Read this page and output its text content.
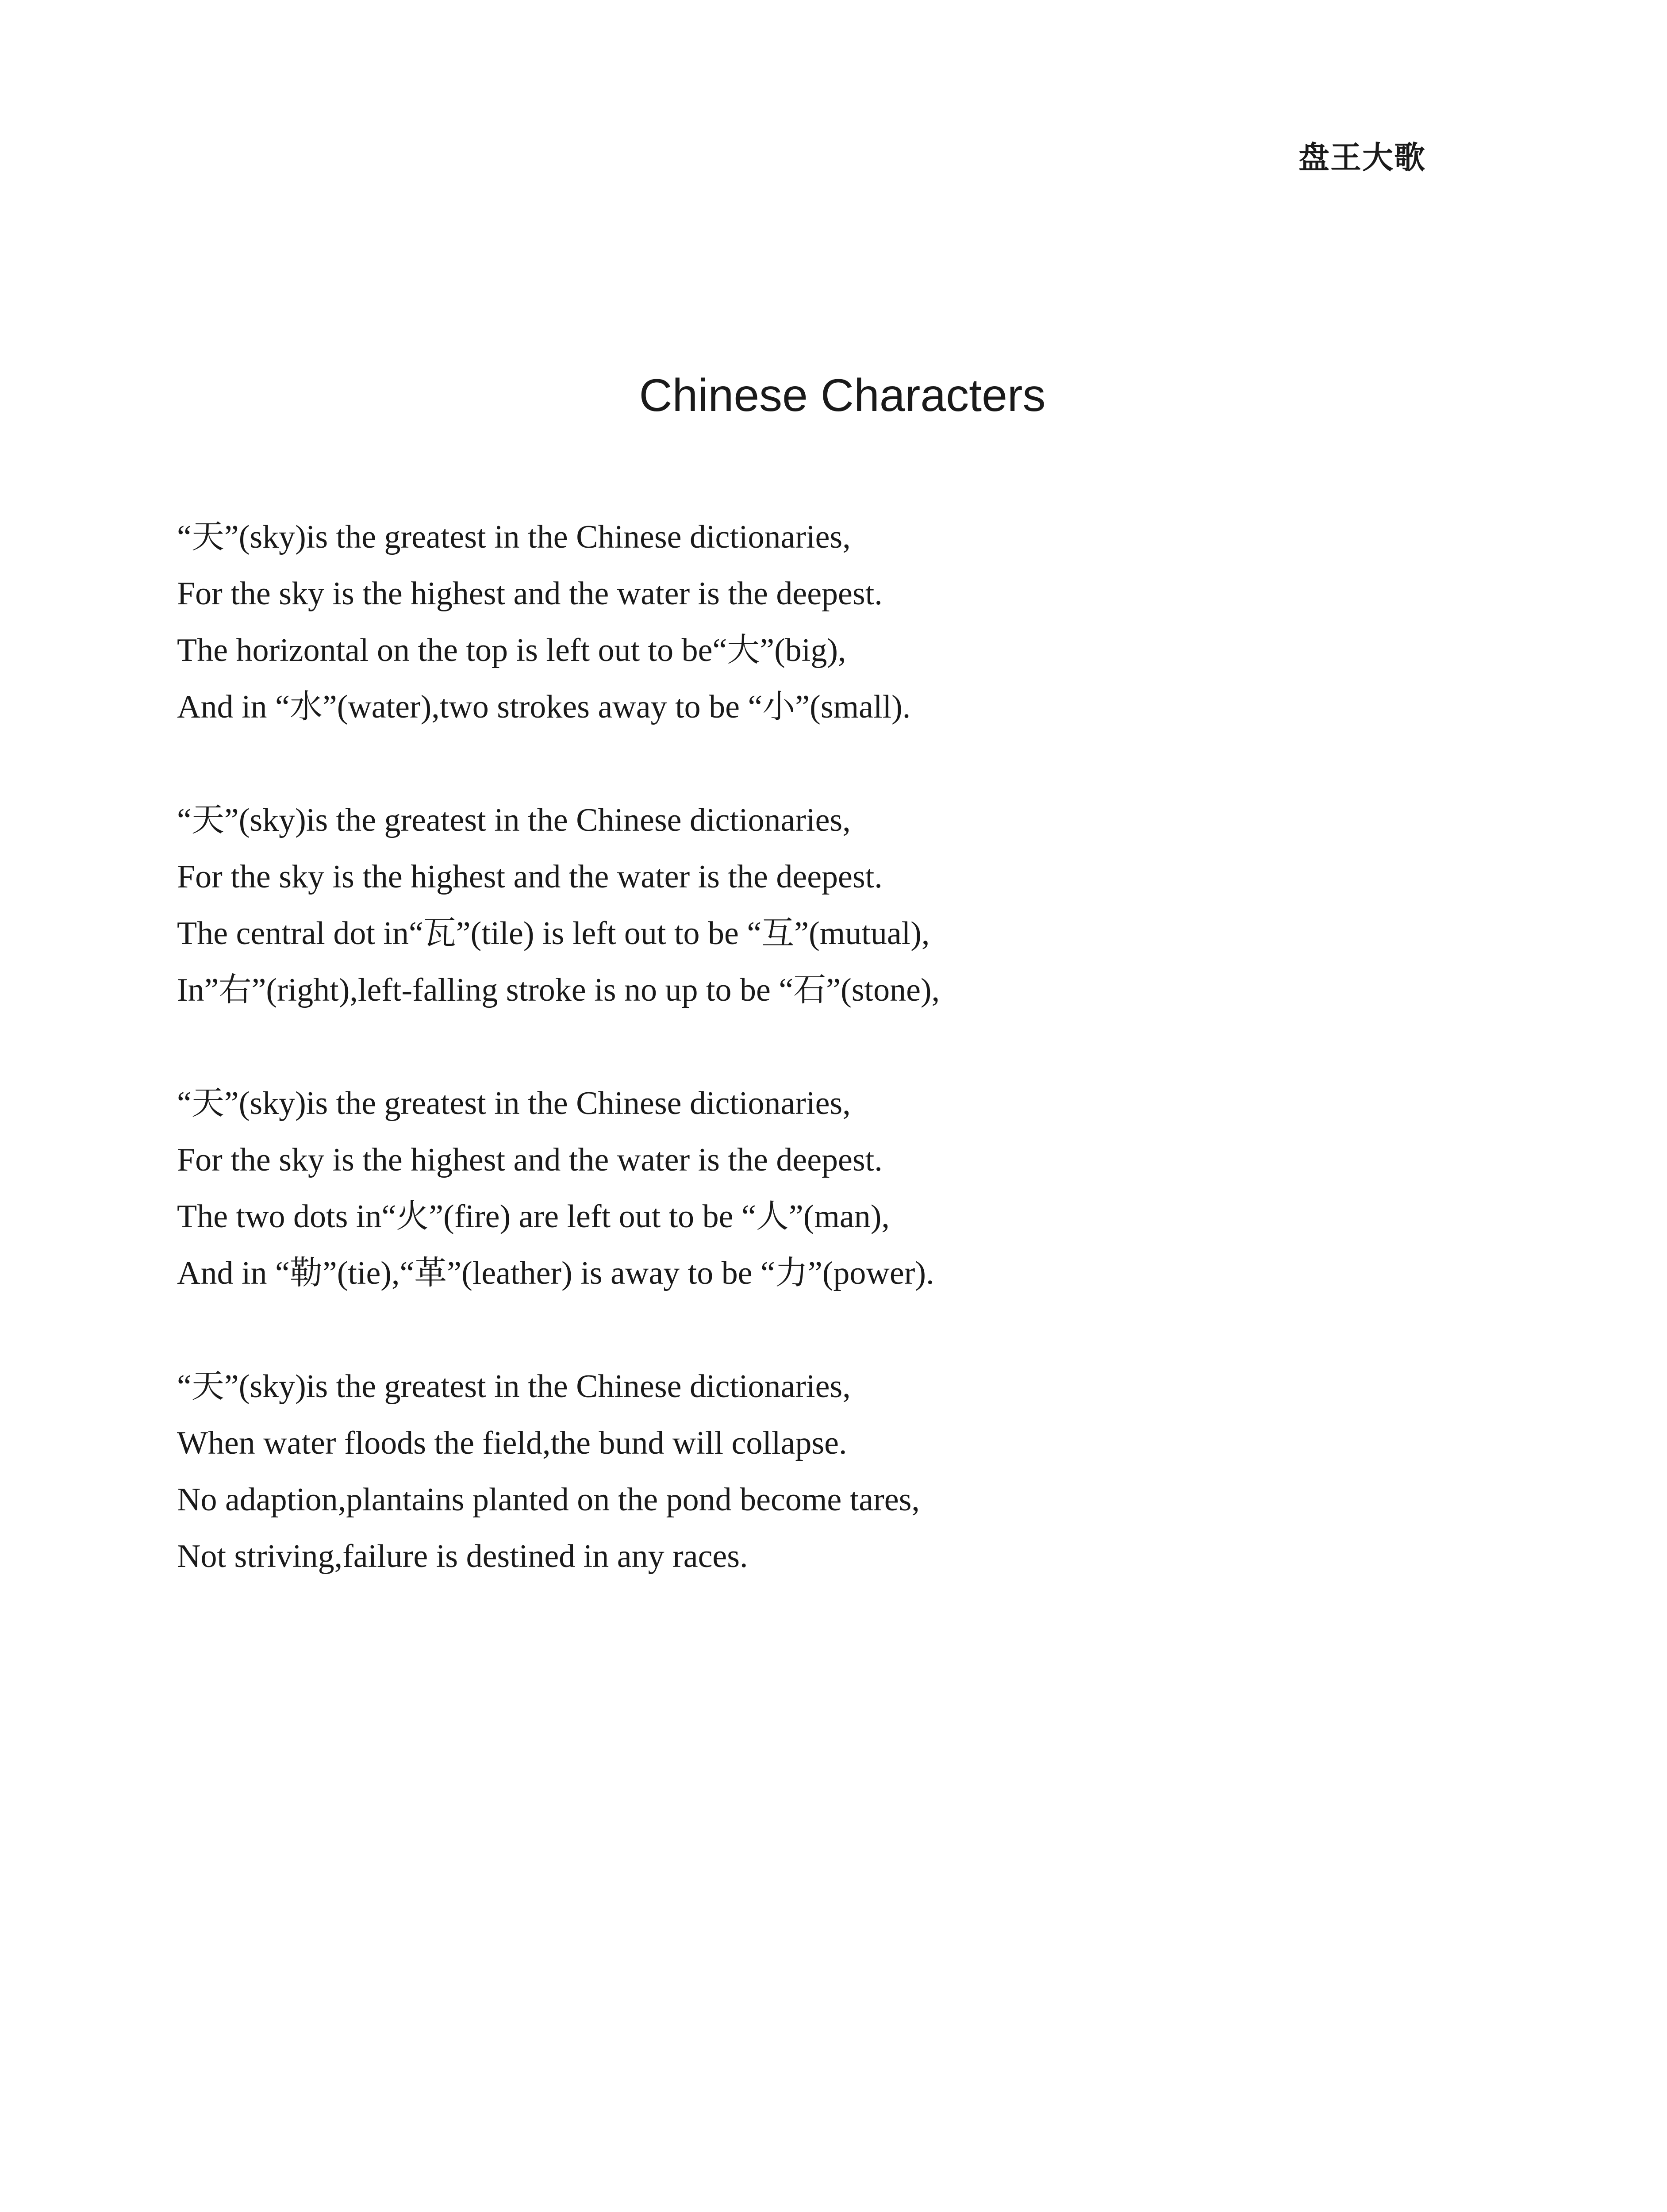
盘王大歌
Chinese Characters
“天”(sky)is the greatest in the Chinese dictionaries,
For the sky is the highest and the water is the deepest.
The horizontal on the top is left out to be“大”(big),
And in “水”(water),two strokes away to be “小”(small).
“天”(sky)is the greatest in the Chinese dictionaries,
For the sky is the highest and the water is the deepest.
The central dot in“瓦”(tile) is left out to be “互”(mutual),
In”右”(right),left-falling stroke is no up to be “石”(stone),
“天”(sky)is the greatest in the Chinese dictionaries,
For the sky is the highest and the water is the deepest.
The two dots in“火”(fire) are left out to be “人”(man),
And in “勒”(tie),“革”(leather) is away to be “力”(power).
“天”(sky)is the greatest in the Chinese dictionaries,
When water floods the field,the bund will collapse.
No adaption,plantains planted on the pond become tares,
Not striving,failure is destined in any races.
